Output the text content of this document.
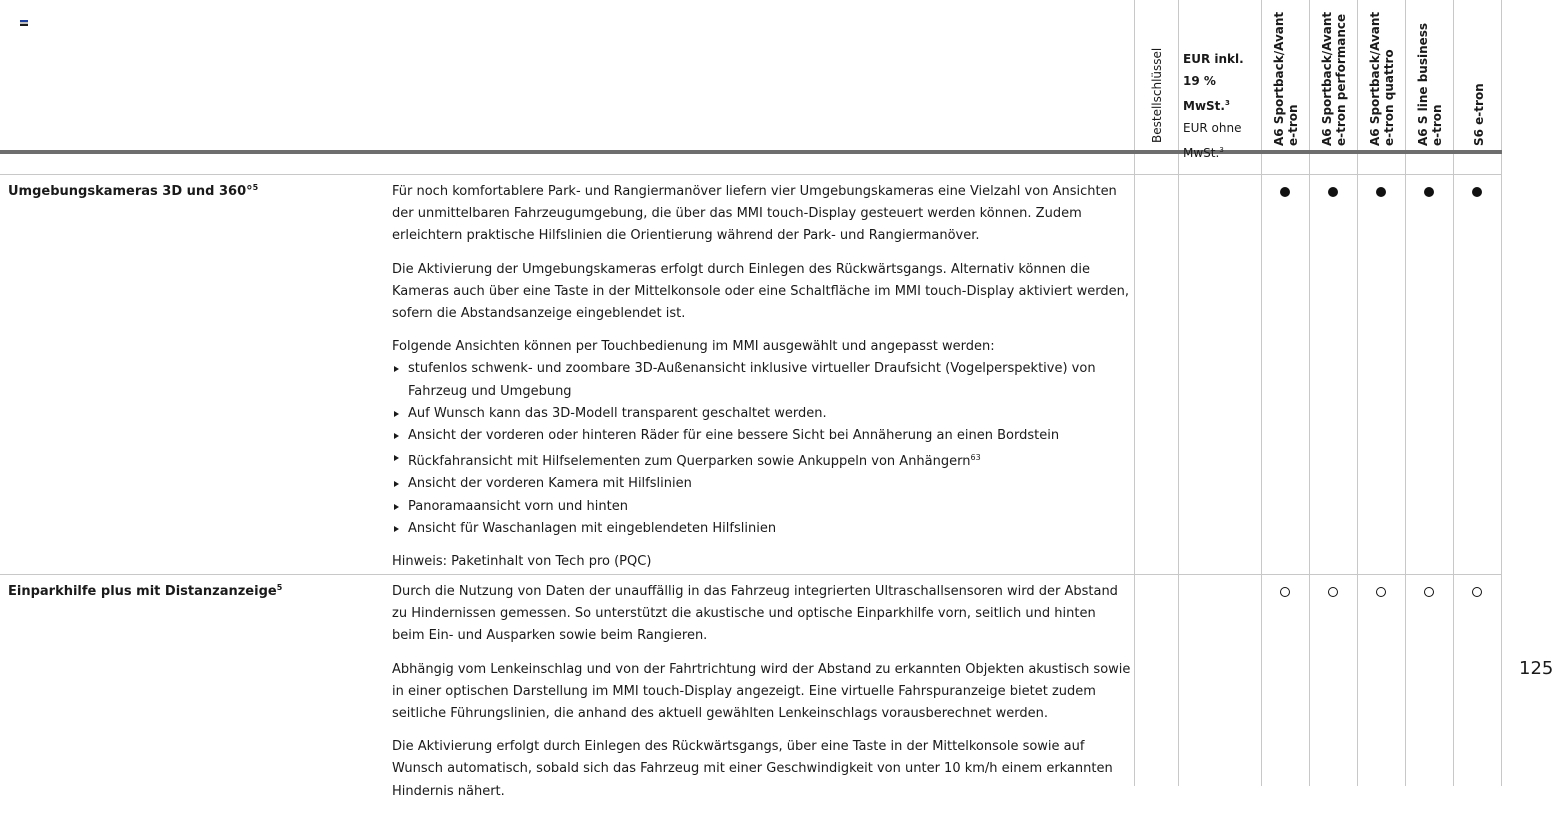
Bestellschlüssel EUR inkl.
19 % MwSt.$^3$
EUR ohne
MwSt.$^3$
A6 Sportback/Avant e-tron A6 Sportback/Avant e-tron performance A6 Sportback/Avant e-tron quattro A6 S line business e-tron S6 e-tron
Umgebungskameras 3D und 360°$^5$	Für noch komfortablere Park- und Rangiermanöver liefern vier Umgebungskameras eine Vielzahl von Ansichten der unmittelbaren Fahrzeugumgebung, die über das MMI touch-Display gesteuert werden können. Zudem erleichtern praktische Hilfslinien die Orientierung während der Park- und Rangiermanöver.

Die Aktivierung der Umgebungskameras erfolgt durch Einlegen des Rückwärtsgangs. Alternativ können die Kameras auch über eine Taste in der Mittelkonsole oder eine Schaltfläche im MMI touch-Display aktiviert werden, sofern die Abstandsanzeige eingeblendet ist.

Folgende Ansichten können per Touchbedienung im MMI ausgewählt und angepasst werden:

stufenlos schwenk- und zoombare 3D-Außenansicht inklusive virtueller Draufsicht (Vogelperspektive) von Fahrzeug und Umgebung
Auf Wunsch kann das 3D-Modell transparent geschaltet werden.
Ansicht der vorderen oder hinteren Räder für eine bessere Sicht bei Annäherung an einen Bordstein
Rückfahransicht mit Hilfselementen zum Querparken sowie Ankuppeln von Anhängern$^{63}$
Ansicht der vorderen Kamera mit Hilfslinien
Panoramaansicht vorn und hinten
Ansicht für Waschanlagen mit eingeblendeten Hilfslinien

Hinweis: Paketinhalt von Tech pro (PQC)

Einparkhilfe plus mit Distanzanzeige$^5$	Durch die Nutzung von Daten der unauffällig in das Fahrzeug integrierten Ultraschallsensoren wird der Abstand zu Hindernissen gemessen. So unterstützt die akustische und optische Einparkhilfe vorn, seitlich und hinten beim Ein- und Ausparken sowie beim Rangieren.

Abhängig vom Lenkeinschlag und von der Fahrtrichtung wird der Abstand zu erkannten Objekten akustisch sowie in einer optischen Darstellung im MMI touch-Display angezeigt. Eine virtuelle Fahrspuranzeige bietet zudem seitliche Führungslinien, die anhand des aktuell gewählten Lenkeinschlags vorausberechnet werden.

Die Aktivierung erfolgt durch Einlegen des Rückwärtsgangs, über eine Taste in der Mittelkonsole sowie auf Wunsch automatisch, sobald sich das Fahrzeug mit einer Geschwindigkeit von unter 10 km/h einem erkannten Hindernis nähert.

125
